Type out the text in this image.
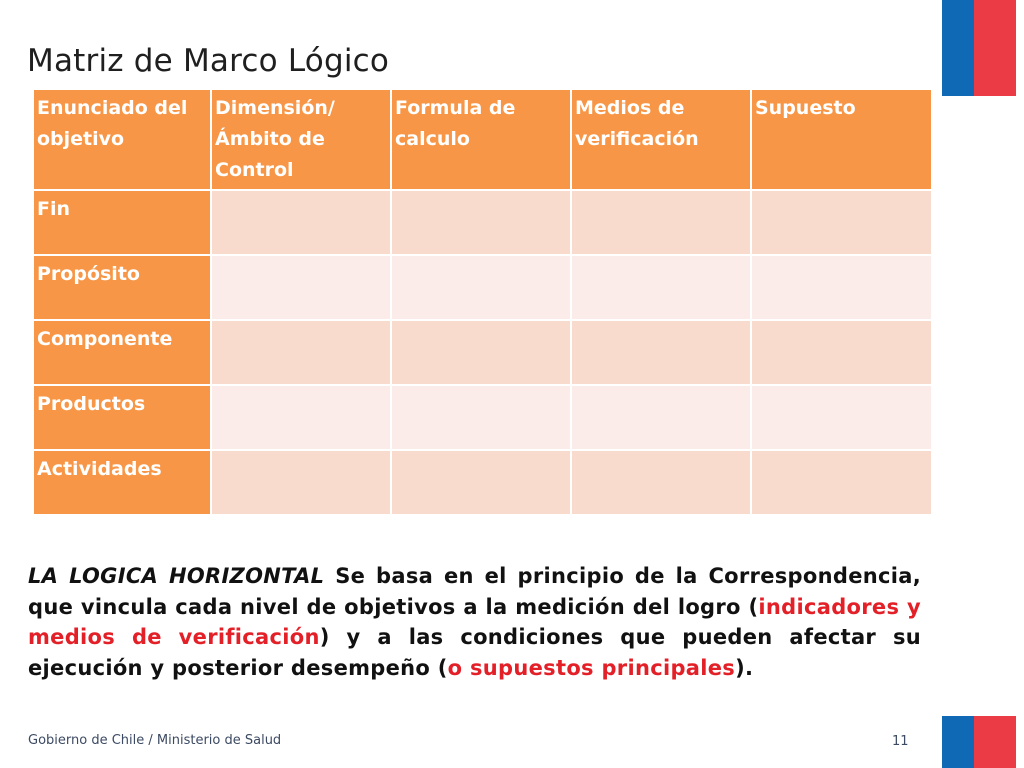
Matriz de Marco Lógico
Enunciado del objetivo	Dimensión/ Ámbito de Control	Formula de calculo	Medios de verificación	Supuesto
Fin				
Propósito				
Componente				
Productos				
Actividades				

LA LOGICA HORIZONTAL Se basa en el principio de la Correspondencia, que vincula cada nivel de objetivos a la medición del logro (indicadores y medios de verificación) y a las condiciones que pueden afectar su ejecución y posterior desempeño (o supuestos principales).

Gobierno de Chile / Ministerio de Salud	11
